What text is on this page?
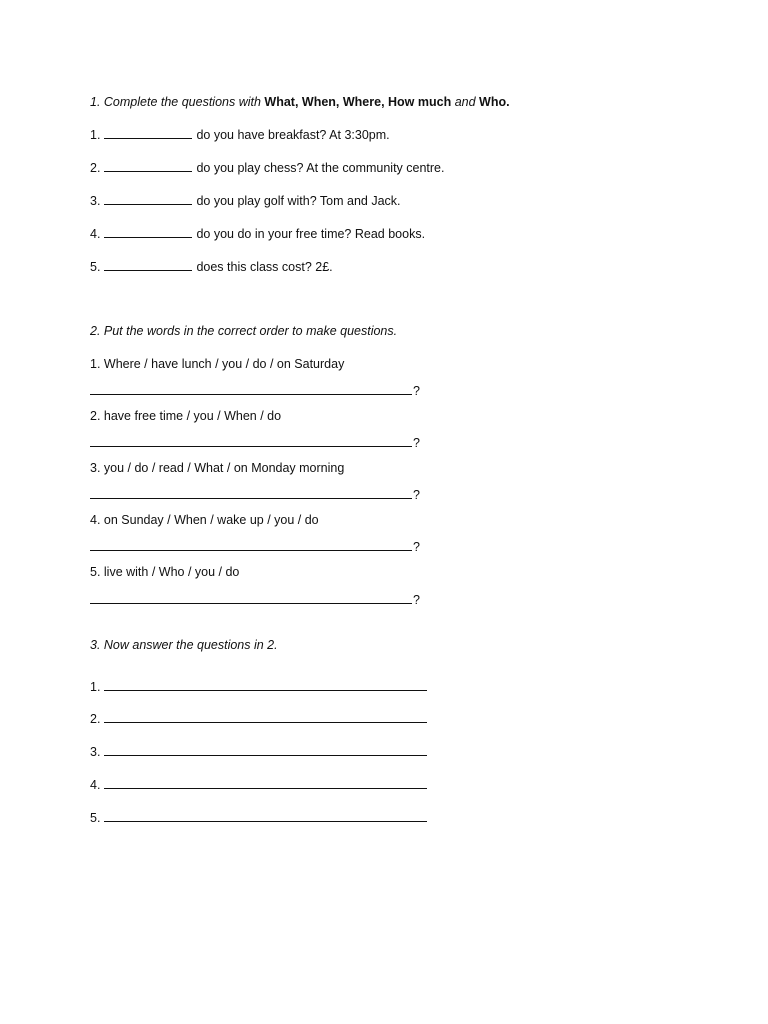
1. Complete the questions with What, When, Where, How much and Who.
1.	do you have breakfast? At 3:30pm.
2.	do you play chess? At the community centre.
3.	do you play golf with? Tom and Jack.
4.	do you do in your free time? Read books.
5.	does this class cost? 2£.
2. Put the words in the correct order to make questions.
1. Where / have lunch / you / do / on Saturday
?
2. have free time / you / When / do
?
3. you / do / read / What / on Monday morning
?
4. on Sunday / When / wake up / you / do
?
5. live with / Who / you / do
?
3. Now answer the questions in 2.
1.
2.
3.
4.
5.
